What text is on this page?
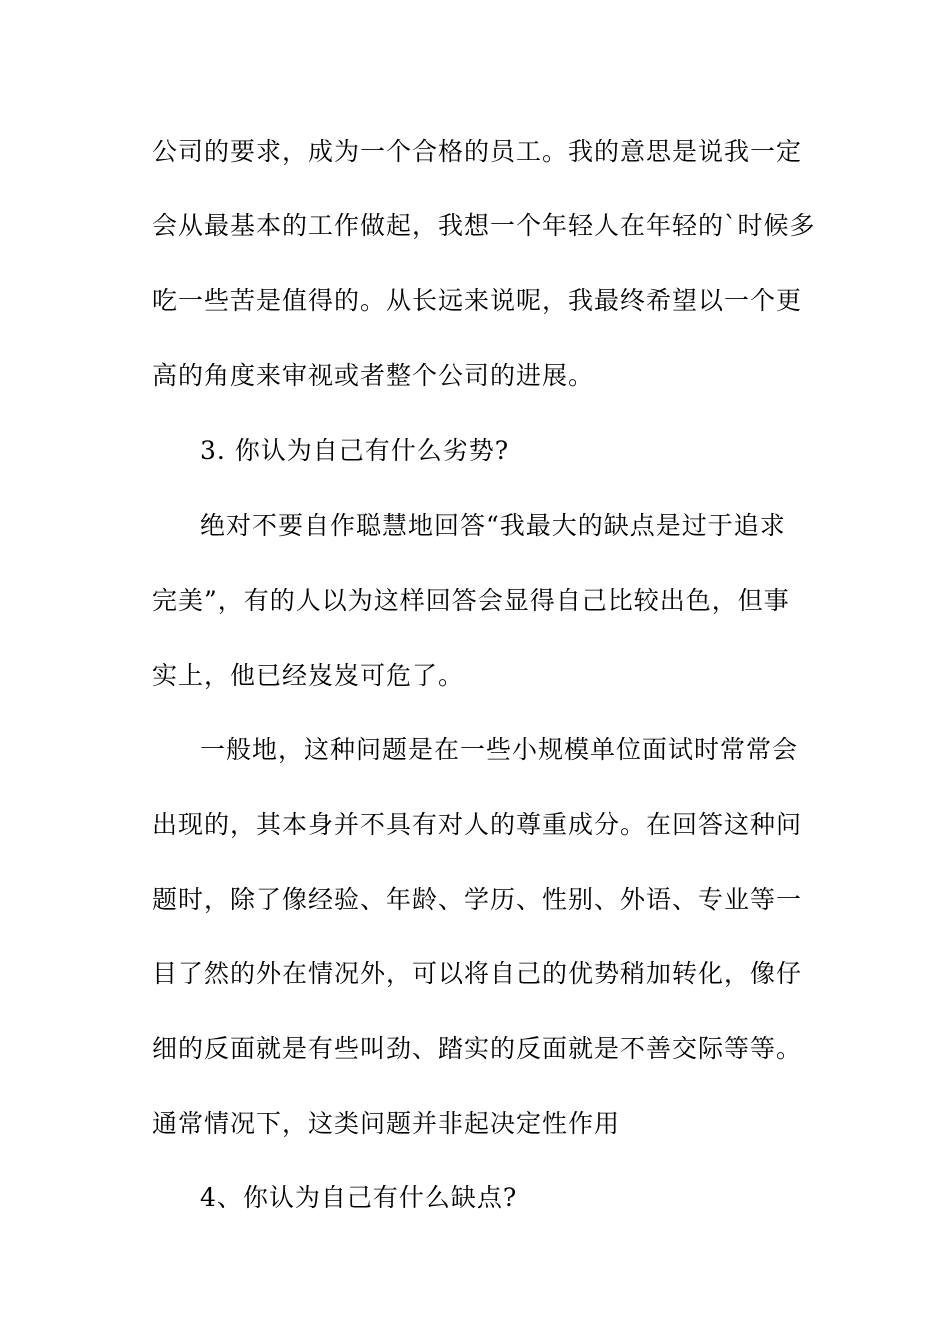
公司的要求，成为一个合格的员工。我的意思是说我一定
会从最基本的工作做起，我想一个年轻人在年轻的`时候多
吃一些苦是值得的。从长远来说呢，我最终希望以一个更
高的角度来审视或者整个公司的进展。
3. 你认为自己有什么劣势?
绝对不要自作聪慧地回答“我最大的缺点是过于追求
完美”，有的人以为这样回答会显得自己比较出色，但事
实上，他已经岌岌可危了。
一般地，这种问题是在一些小规模单位面试时常常会
出现的，其本身并不具有对人的尊重成分。在回答这种问
题时，除了像经验、年龄、学历、性别、外语、专业等一
目了然的外在情况外，可以将自己的优势稍加转化，像仔
细的反面就是有些叫劲、踏实的反面就是不善交际等等。
通常情况下，这类问题并非起决定性作用
4、你认为自己有什么缺点?
